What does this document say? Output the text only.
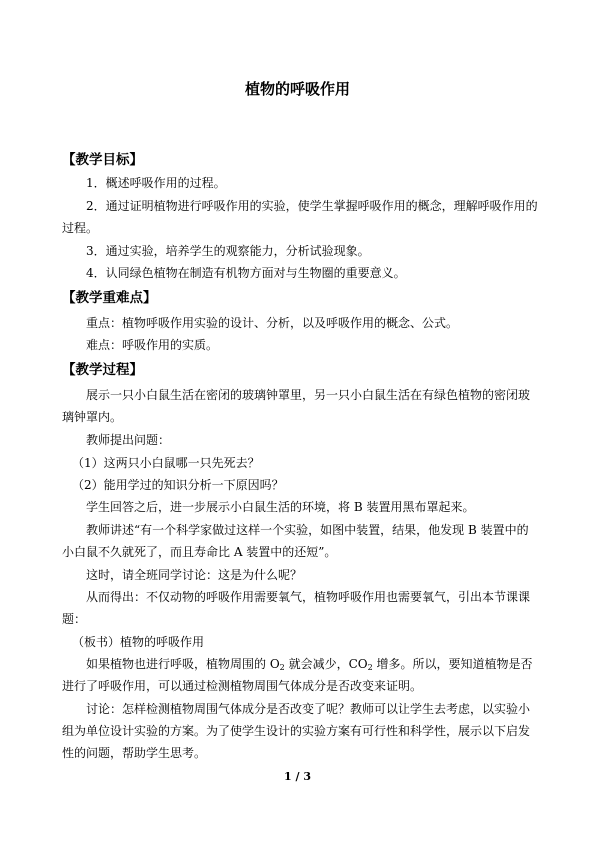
植物的呼吸作用
【教学目标】
1．概述呼吸作用的过程。
2．通过证明植物进行呼吸作用的实验，使学生掌握呼吸作用的概念，理解呼吸作用的过程。
3．通过实验，培养学生的观察能力，分析试验现象。
4．认同绿色植物在制造有机物方面对与生物圈的重要意义。
【教学重难点】
重点：植物呼吸作用实验的设计、分析，以及呼吸作用的概念、公式。
难点：呼吸作用的实质。
【教学过程】
展示一只小白鼠生活在密闭的玻璃钟罩里，另一只小白鼠生活在有绿色植物的密闭玻璃钟罩内。
教师提出问题：
（1）这两只小白鼠哪一只先死去？
（2）能用学过的知识分析一下原因吗？
学生回答之后，进一步展示小白鼠生活的环境，将 B 装置用黑布罩起来。
教师讲述“有一个科学家做过这样一个实验，如图中装置，结果，他发现 B 装置中的小白鼠不久就死了，而且寿命比 A 装置中的还短”。
这时，请全班同学讨论：这是为什么呢？
从而得出：不仅动物的呼吸作用需要氧气，植物呼吸作用也需要氧气，引出本节课课题：
（板书）植物的呼吸作用
如果植物也进行呼吸，植物周围的 $O_2$ 就会减少，$CO_2$ 增多。所以，要知道植物是否进行了呼吸作用，可以通过检测植物周围气体成分是否改变来证明。
讨论：怎样检测植物周围气体成分是否改变了呢？教师可以让学生去考虑，以实验小组为单位设计实验的方案。为了使学生设计的实验方案有可行性和科学性，展示以下启发性的问题，帮助学生思考。
1 / 3
